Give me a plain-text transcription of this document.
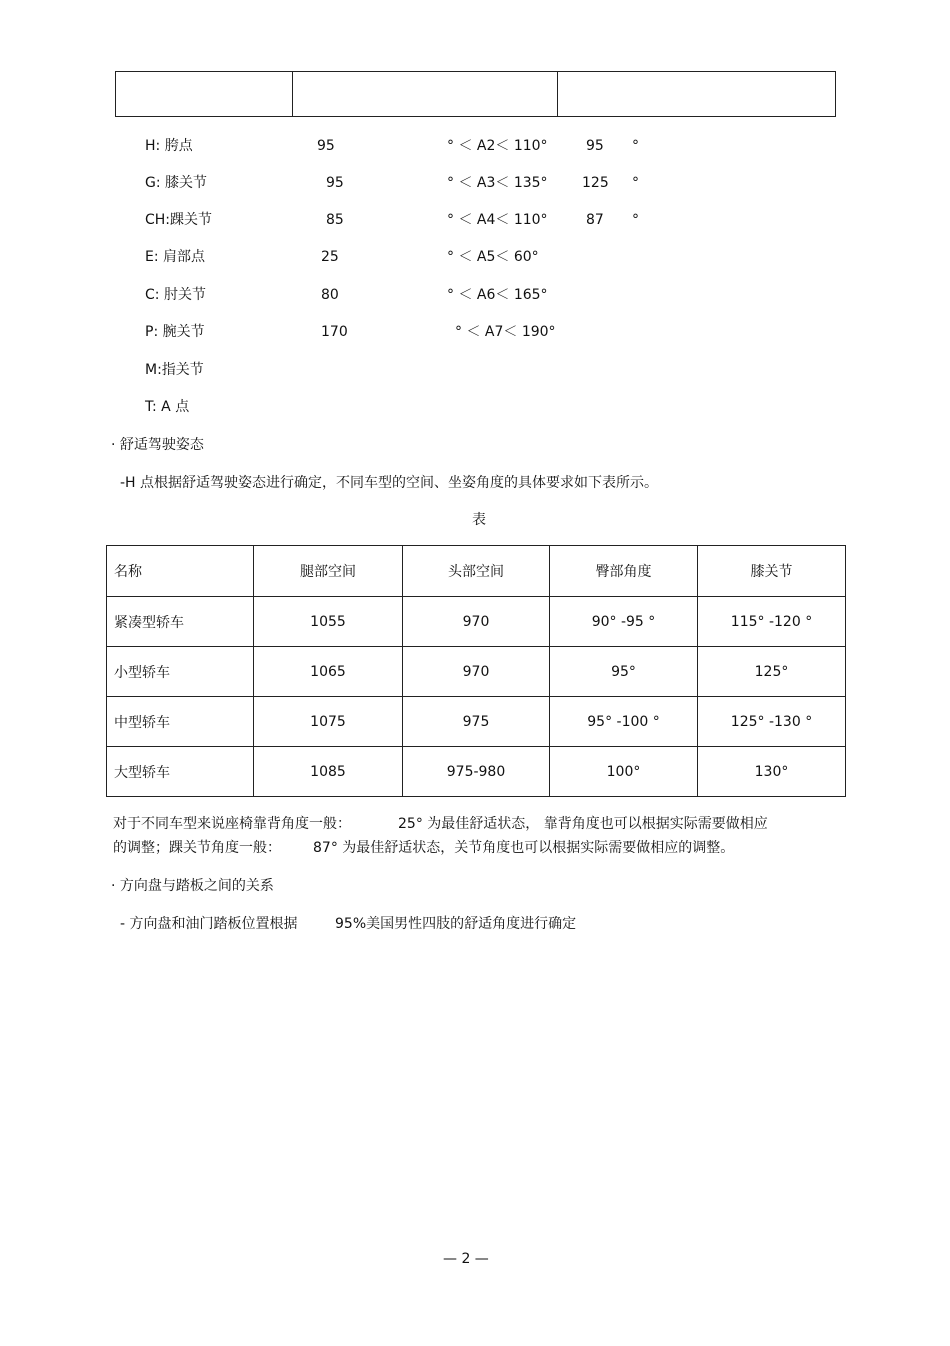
H: 胯点	95	° ＜ A2＜ 110°	95 °
G: 膝关节	95	° ＜ A3＜ 135° 125 °
CH:踝关节	85	° ＜ A4＜ 110°	87 °
E: 肩部点	25	° ＜ A5＜ 60°
C: 肘关节	80	° ＜ A6＜ 165°
P: 腕关节	170	° ＜ A7＜ 190°
M:指关节
T: A 点
· 舒适驾驶姿态
-H 点根据舒适驾驶姿态进行确定，不同车型的空间、坐姿角度的具体要求如下表所示。
表
名称	腿部空间	头部空间	臀部角度	膝关节
紧凑型轿车	1055	970	90° -95 °	115° -120 °
小型轿车	1065	970	95°	125°
中型轿车	1075	975	95° -100 °	125° -130 °
大型轿车	1085	975-980	100°	130°
对于不同车型来说座椅靠背角度一般：	25° 为最佳舒适状态， 靠背角度也可以根据实际需要做相应
的调整；踝关节角度一般： 87° 为最佳舒适状态，关节角度也可以根据实际需要做相应的调整。
· 方向盘与踏板之间的关系
- 方向盘和油门踏板位置根据	95%美国男性四肢的舒适角度进行确定
— 2 —
